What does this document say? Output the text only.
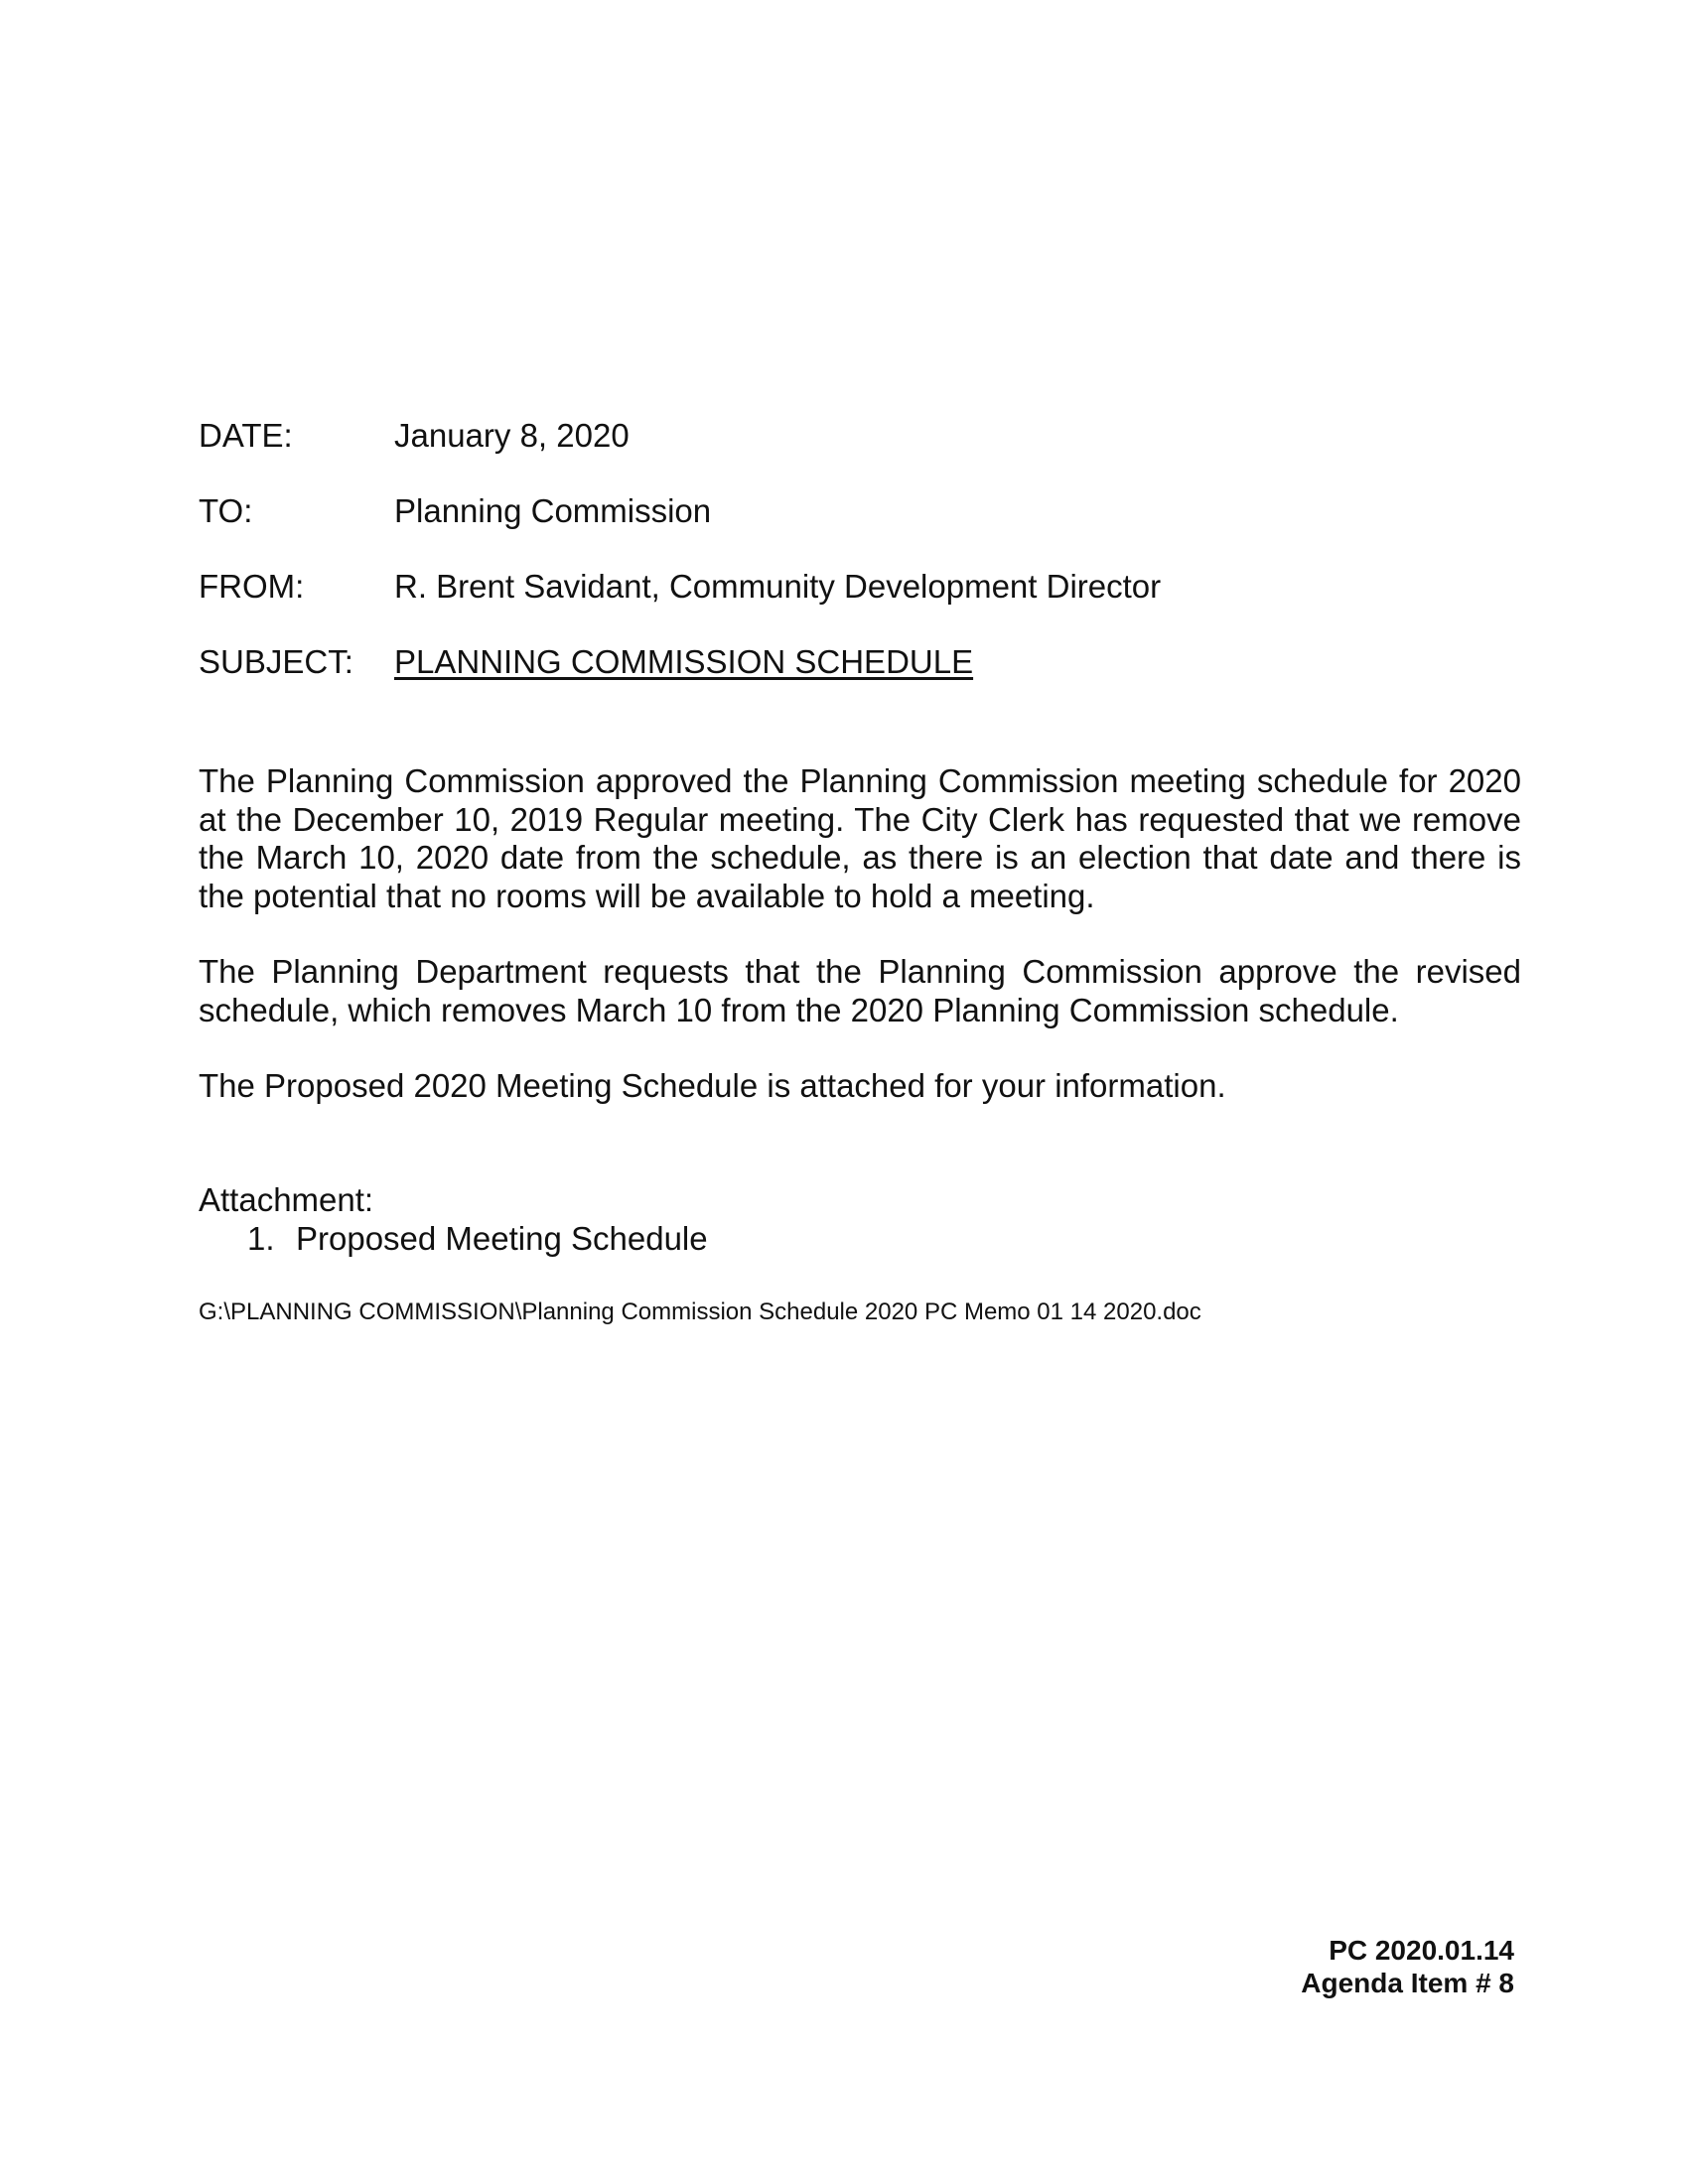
DATE:	January 8, 2020
TO:	Planning Commission
FROM:	R. Brent Savidant, Community Development Director
SUBJECT:	PLANNING COMMISSION SCHEDULE

The Planning Commission approved the Planning Commission meeting schedule for 2020 at the December 10, 2019 Regular meeting. The City Clerk has requested that we remove the March 10, 2020 date from the schedule, as there is an election that date and there is the potential that no rooms will be available to hold a meeting.

The Planning Department requests that the Planning Commission approve the revised schedule, which removes March 10 from the 2020 Planning Commission schedule.

The Proposed 2020 Meeting Schedule is attached for your information.

Attachment:
1. Proposed Meeting Schedule
G:\PLANNING COMMISSION\Planning Commission Schedule 2020 PC Memo 01 14 2020.doc
PC 2020.01.14
Agenda Item # 8
